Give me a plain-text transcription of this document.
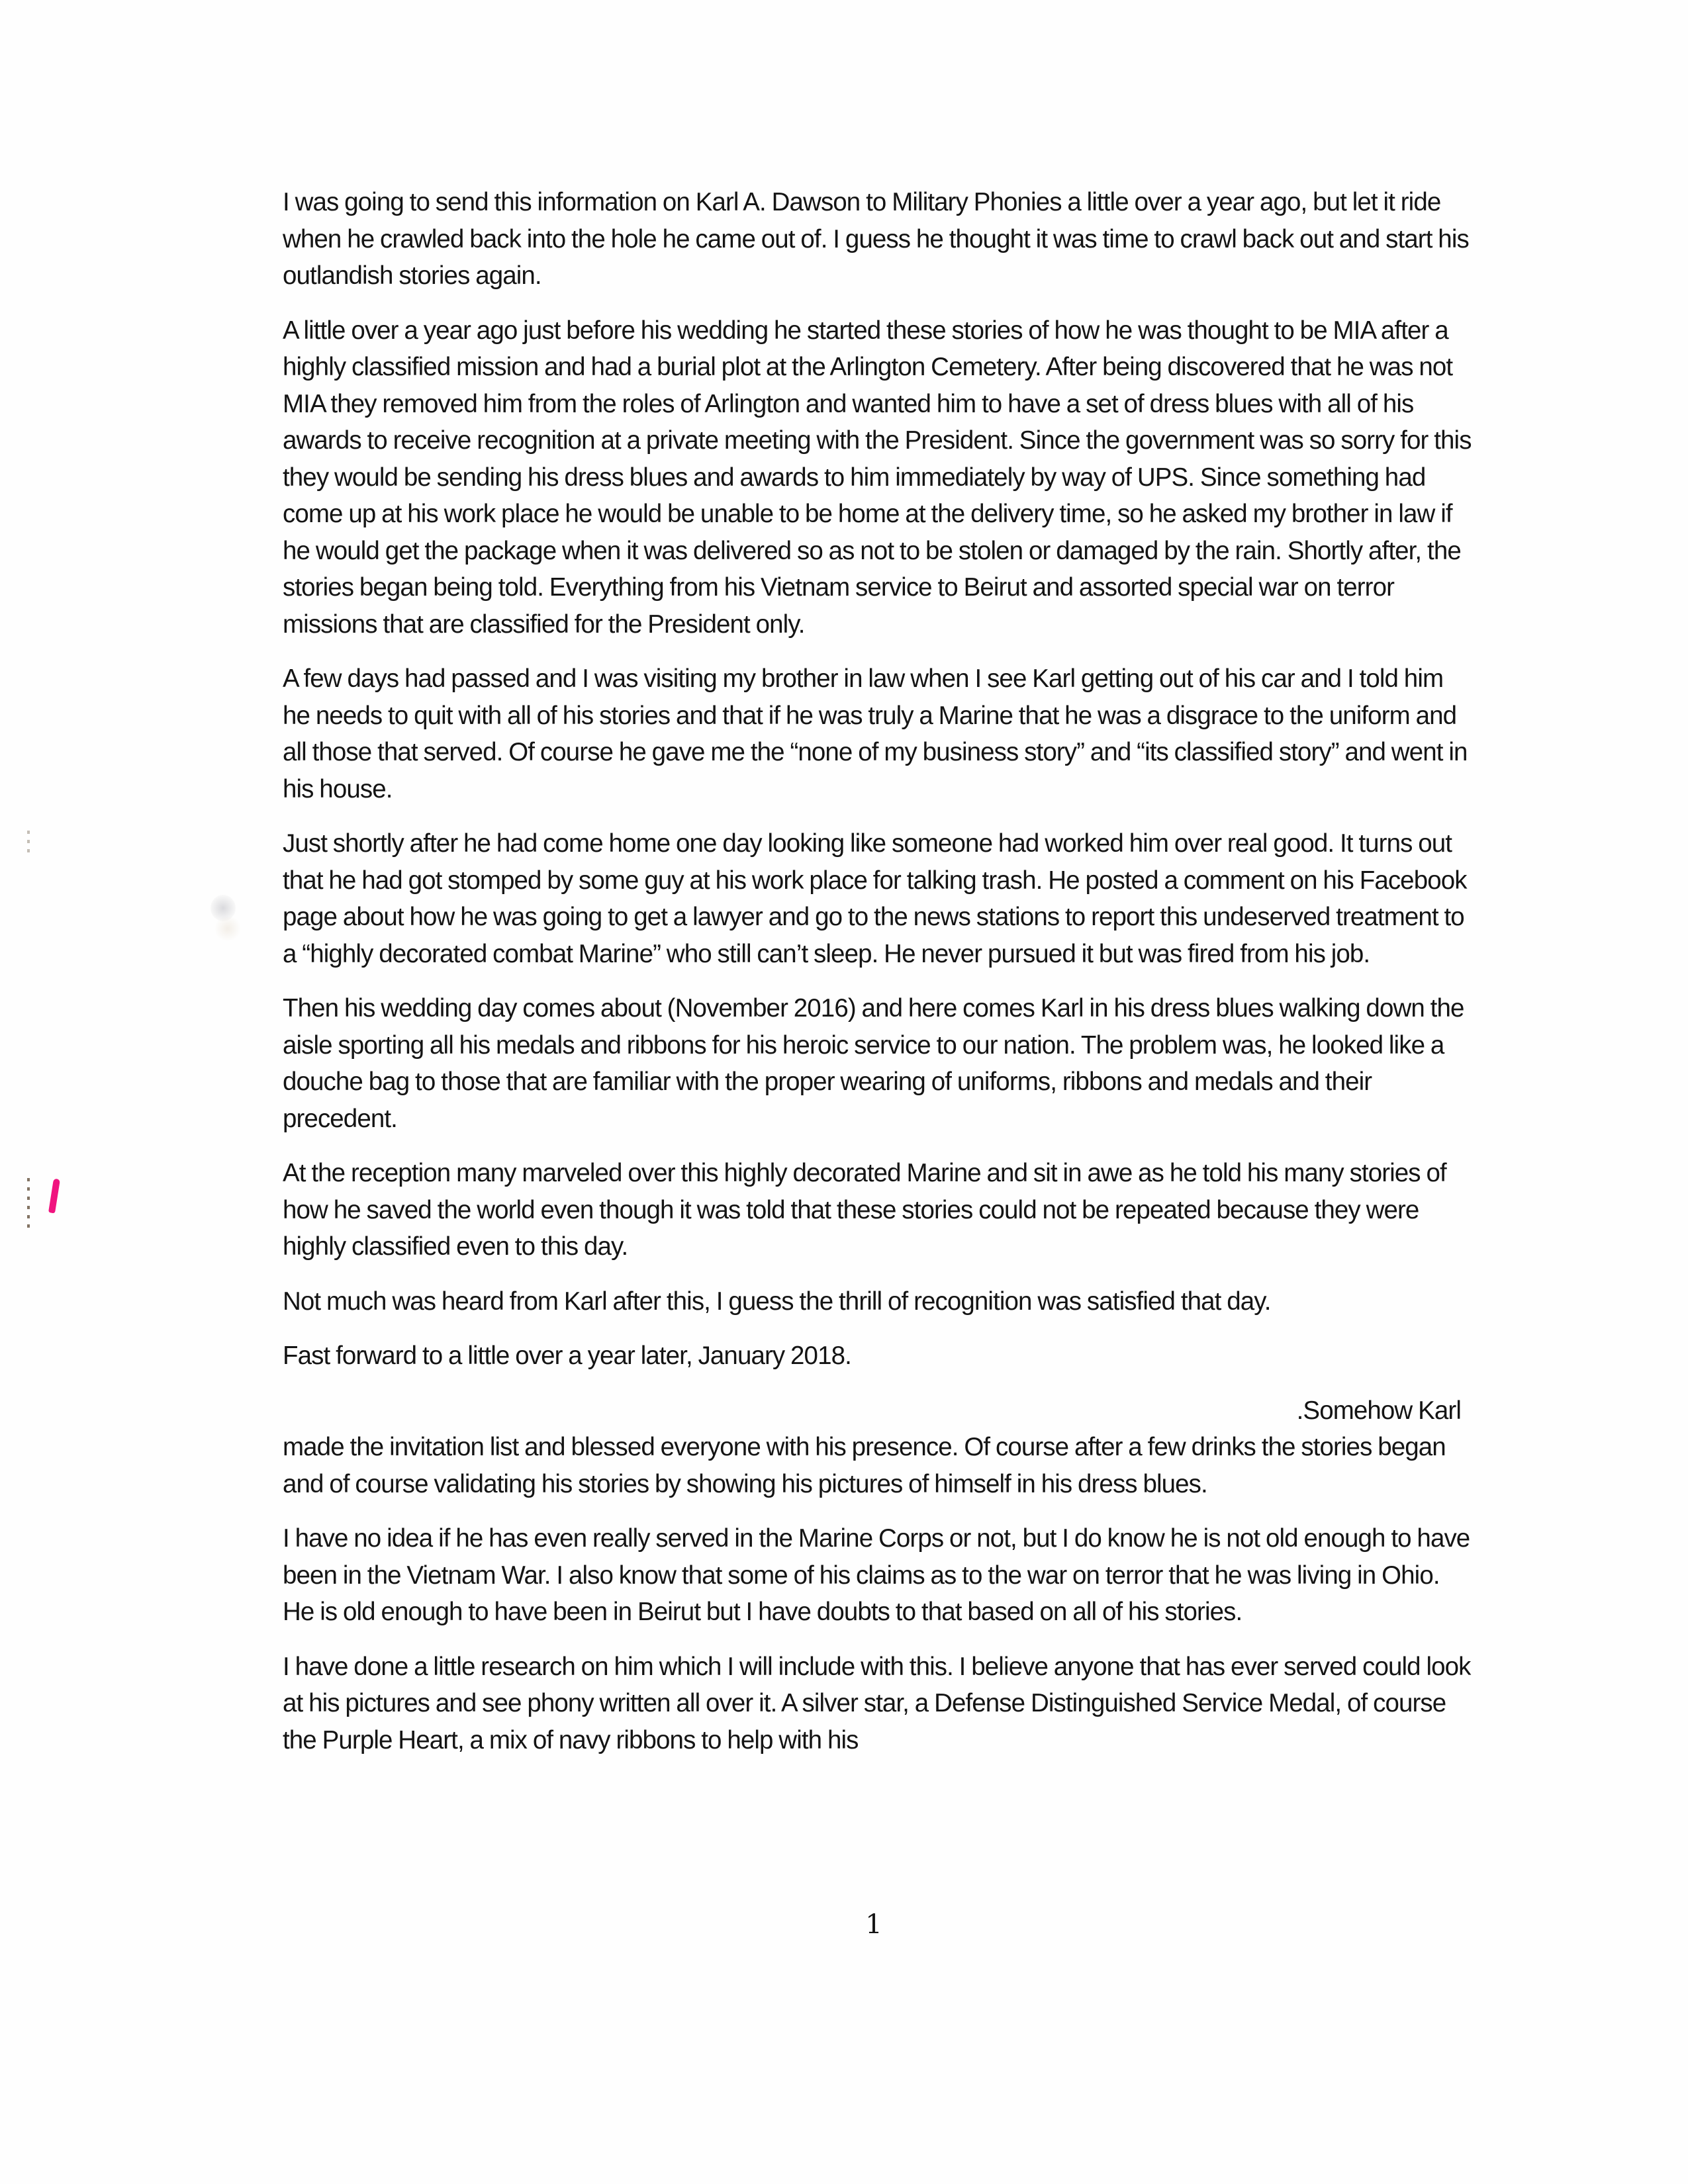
I was going to send this information on Karl A. Dawson to Military Phonies a little over a year ago, but let it ride when he crawled back into the hole he came out of. I guess he thought it was time to crawl back out and start his outlandish stories again.

A little over a year ago just before his wedding he started these stories of how he was thought to be MIA after a highly classified mission and had a burial plot at the Arlington Cemetery. After being discovered that he was not MIA they removed him from the roles of Arlington and wanted him to have a set of dress blues with all of his awards to receive recognition at a private meeting with the President. Since the government was so sorry for this they would be sending his dress blues and awards to him immediately by way of UPS. Since something had come up at his work place he would be unable to be home at the delivery time, so he asked my brother in law if he would get the package when it was delivered so as not to be stolen or damaged by the rain. Shortly after, the stories began being told. Everything from his Vietnam service to Beirut and assorted special war on terror missions that are classified for the President only.

A few days had passed and I was visiting my brother in law when I see Karl getting out of his car and I told him he needs to quit with all of his stories and that if he was truly a Marine that he was a disgrace to the uniform and all those that served. Of course he gave me the “none of my business story” and “its classified story” and went in his house.

Just shortly after he had come home one day looking like someone had worked him over real good. It turns out that he had got stomped by some guy at his work place for talking trash. He posted a comment on his Facebook page about how he was going to get a lawyer and go to the news stations to report this undeserved treatment to a “highly decorated combat Marine” who still can’t sleep. He never pursued it but was fired from his job.

Then his wedding day comes about (November 2016) and here comes Karl in his dress blues walking down the aisle sporting all his medals and ribbons for his heroic service to our nation. The problem was, he looked like a douche bag to those that are familiar with the proper wearing of uniforms, ribbons and medals and their precedent.

At the reception many marveled over this highly decorated Marine and sit in awe as he told his many stories of how he saved the world even though it was told that these stories could not be repeated because they were highly classified even to this day.

Not much was heard from Karl after this, I guess the thrill of recognition was satisfied that day.

Fast forward to a little over a year later, January 2018.

.Somehow Karl

made the invitation list and blessed everyone with his presence. Of course after a few drinks the stories began and of course validating his stories by showing his pictures of himself in his dress blues.

I have no idea if he has even really served in the Marine Corps or not, but I do know he is not old enough to have been in the Vietnam War. I also know that some of his claims as to the war on terror that he was living in Ohio. He is old enough to have been in Beirut but I have doubts to that based on all of his stories.

I have done a little research on him which I will include with this. I believe anyone that has ever served could look at his pictures and see phony written all over it. A silver star, a Defense Distinguished Service Medal, of course the Purple Heart, a mix of navy ribbons to help with his

1
